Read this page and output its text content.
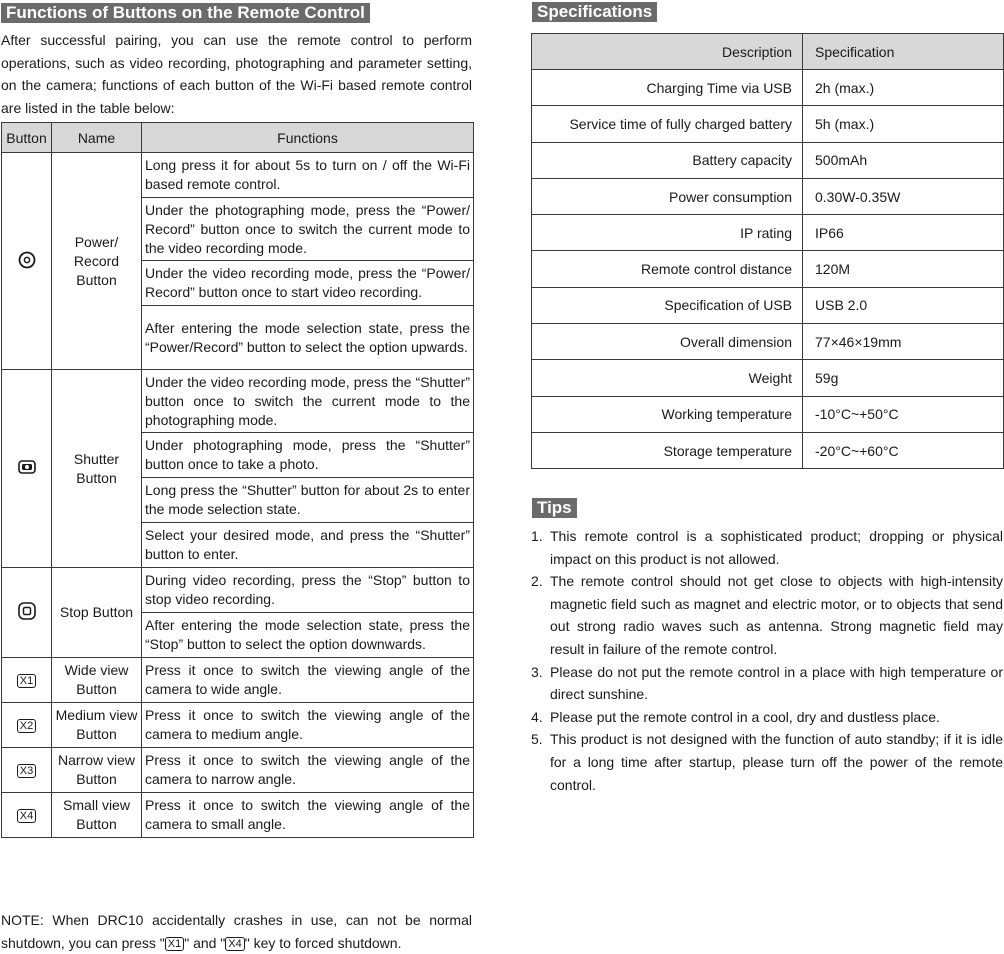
Functions of Buttons on the Remote Control

After successful pairing, you can use the remote control to perform operations, such as video recording, photographing and parameter setting, on the camera; functions of each button of the Wi-Fi based remote control are listed in the table below:

Button	Name	Functions
	Power/ Record Button	Long press it for about 5s to turn on / off the Wi-Fi based remote control.
		Under the photographing mode, press the “Power/ Record” button once to switch the current mode to the video recording mode.
		Under the video recording mode, press the “Power/ Record” button once to start video recording.
		After entering the mode selection state, press the “Power/Record” button to select the option upwards.
	Shutter Button	Under the video recording mode, press the “Shutter” button once to switch the current mode to the photographing mode.
		Under photographing mode, press the “Shutter” button once to take a photo.
		Long press the “Shutter” button for about 2s to enter the mode selection state.
		Select your desired mode, and press the “Shutter” button to enter.
	Stop Button	During video recording, press the “Stop” button to stop video recording.
		After entering the mode selection state, press the “Stop” button to select the option downwards.
X1	Wide view Button	Press it once to switch the viewing angle of the camera to wide angle.
X2	Medium view Button	Press it once to switch the viewing angle of the camera to medium angle.
X3	Narrow view Button	Press it once to switch the viewing angle of the camera to narrow angle.
X4	Small view Button	Press it once to switch the viewing angle of the camera to small angle.

NOTE: When DRC10 accidentally crashes in use, can not be normal shutdown, you can press " X1 " and " X4 " key to forced shutdown.

Specifications
Description	Specification
Charging Time via USB	2h (max.)
Service time of fully charged battery	5h (max.)
Battery capacity	500mAh
Power consumption	0.30W-0.35W
IP rating	IP66
Remote control distance	120M
Specification of USB	USB 2.0
Overall dimension	77×46×19mm
Weight	59g
Working temperature	-10°C~+50°C
Storage temperature	-20°C~+60°C
Tips
1. This remote control is a sophisticated product; dropping or physical impact on this product is not allowed.
2. The remote control should not get close to objects with high-intensity magnetic field such as magnet and electric motor, or to objects that send out strong radio waves such as antenna. Strong magnetic field may result in failure of the remote control.
3. Please do not put the remote control in a place with high temperature or direct sunshine.
4. Please put the remote control in a cool, dry and dustless place.
5. This product is not designed with the function of auto standby; if it is idle for a long time after startup, please turn off the power of the remote control.
